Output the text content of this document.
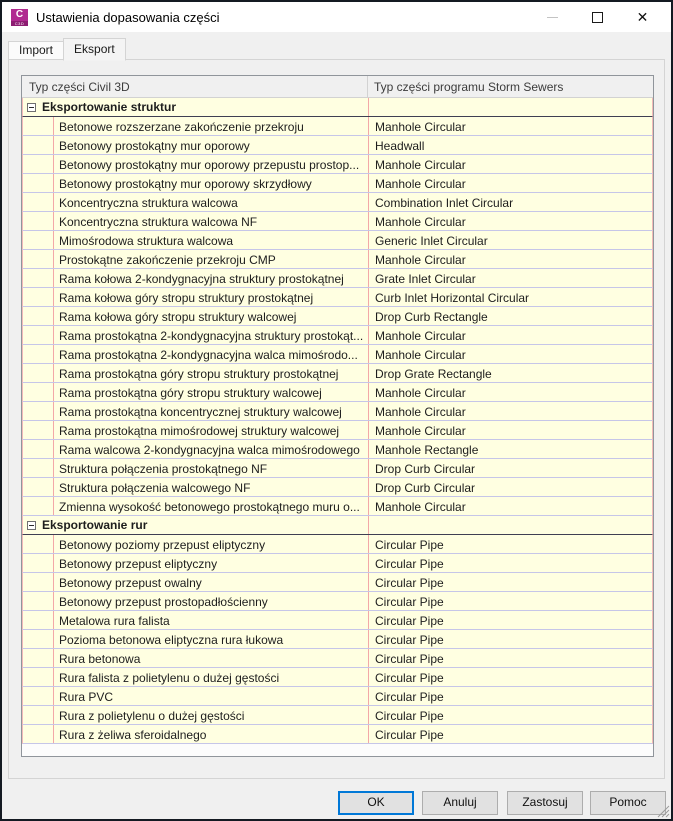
C
C3D Ustawienia dopasowania części	✕
Import	Eksport
Typ części Civil 3D	Typ części programu Storm Sewers
Eksportowanie struktur
Betonowe rozszerzane zakończenie przekroju	Manhole Circular
Betonowy prostokątny mur oporowy	Headwall
Betonowy prostokątny mur oporowy przepustu prostop...	Manhole Circular
Betonowy prostokątny mur oporowy skrzydłowy	Manhole Circular
Koncentryczna struktura walcowa	Combination Inlet Circular
Koncentryczna struktura walcowa NF	Manhole Circular
Mimośrodowa struktura walcowa	Generic Inlet Circular
Prostokątne zakończenie przekroju CMP	Manhole Circular
Rama kołowa 2-kondygnacyjna struktury prostokątnej	Grate Inlet Circular
Rama kołowa góry stropu struktury prostokątnej	Curb Inlet Horizontal Circular
Rama kołowa góry stropu struktury walcowej	Drop Curb Rectangle
Rama prostokątna 2-kondygnacyjna struktury prostokąt... Manhole Circular
Rama prostokątna 2-kondygnacyjna walca mimośrodo...	Manhole Circular
Rama prostokątna góry stropu struktury prostokątnej	Drop Grate Rectangle
Rama prostokątna góry stropu struktury walcowej	Manhole Circular
Rama prostokątna koncentrycznej struktury walcowej	Manhole Circular
Rama prostokątna mimośrodowej struktury walcowej	Manhole Circular
Rama walcowa 2-kondygnacyjna walca mimośrodowego	Manhole Rectangle
Struktura połączenia prostokątnego NF	Drop Curb Circular
Struktura połączenia walcowego NF	Drop Curb Circular
Zmienna wysokość betonowego prostokątnego muru o...	Manhole Circular
Eksportowanie rur
Betonowy poziomy przepust eliptyczny	Circular Pipe
Betonowy przepust eliptyczny	Circular Pipe
Betonowy przepust owalny	Circular Pipe
Betonowy przepust prostopadłościenny	Circular Pipe
Metalowa rura falista	Circular Pipe
Pozioma betonowa eliptyczna rura łukowa	Circular Pipe
Rura betonowa	Circular Pipe
Rura falista z polietylenu o dużej gęstości	Circular Pipe
Rura PVC	Circular Pipe
Rura z polietylenu o dużej gęstości	Circular Pipe
Rura z żeliwa sferoidalnego	Circular Pipe
OK	Anuluj	Zastosuj	Pomoc
